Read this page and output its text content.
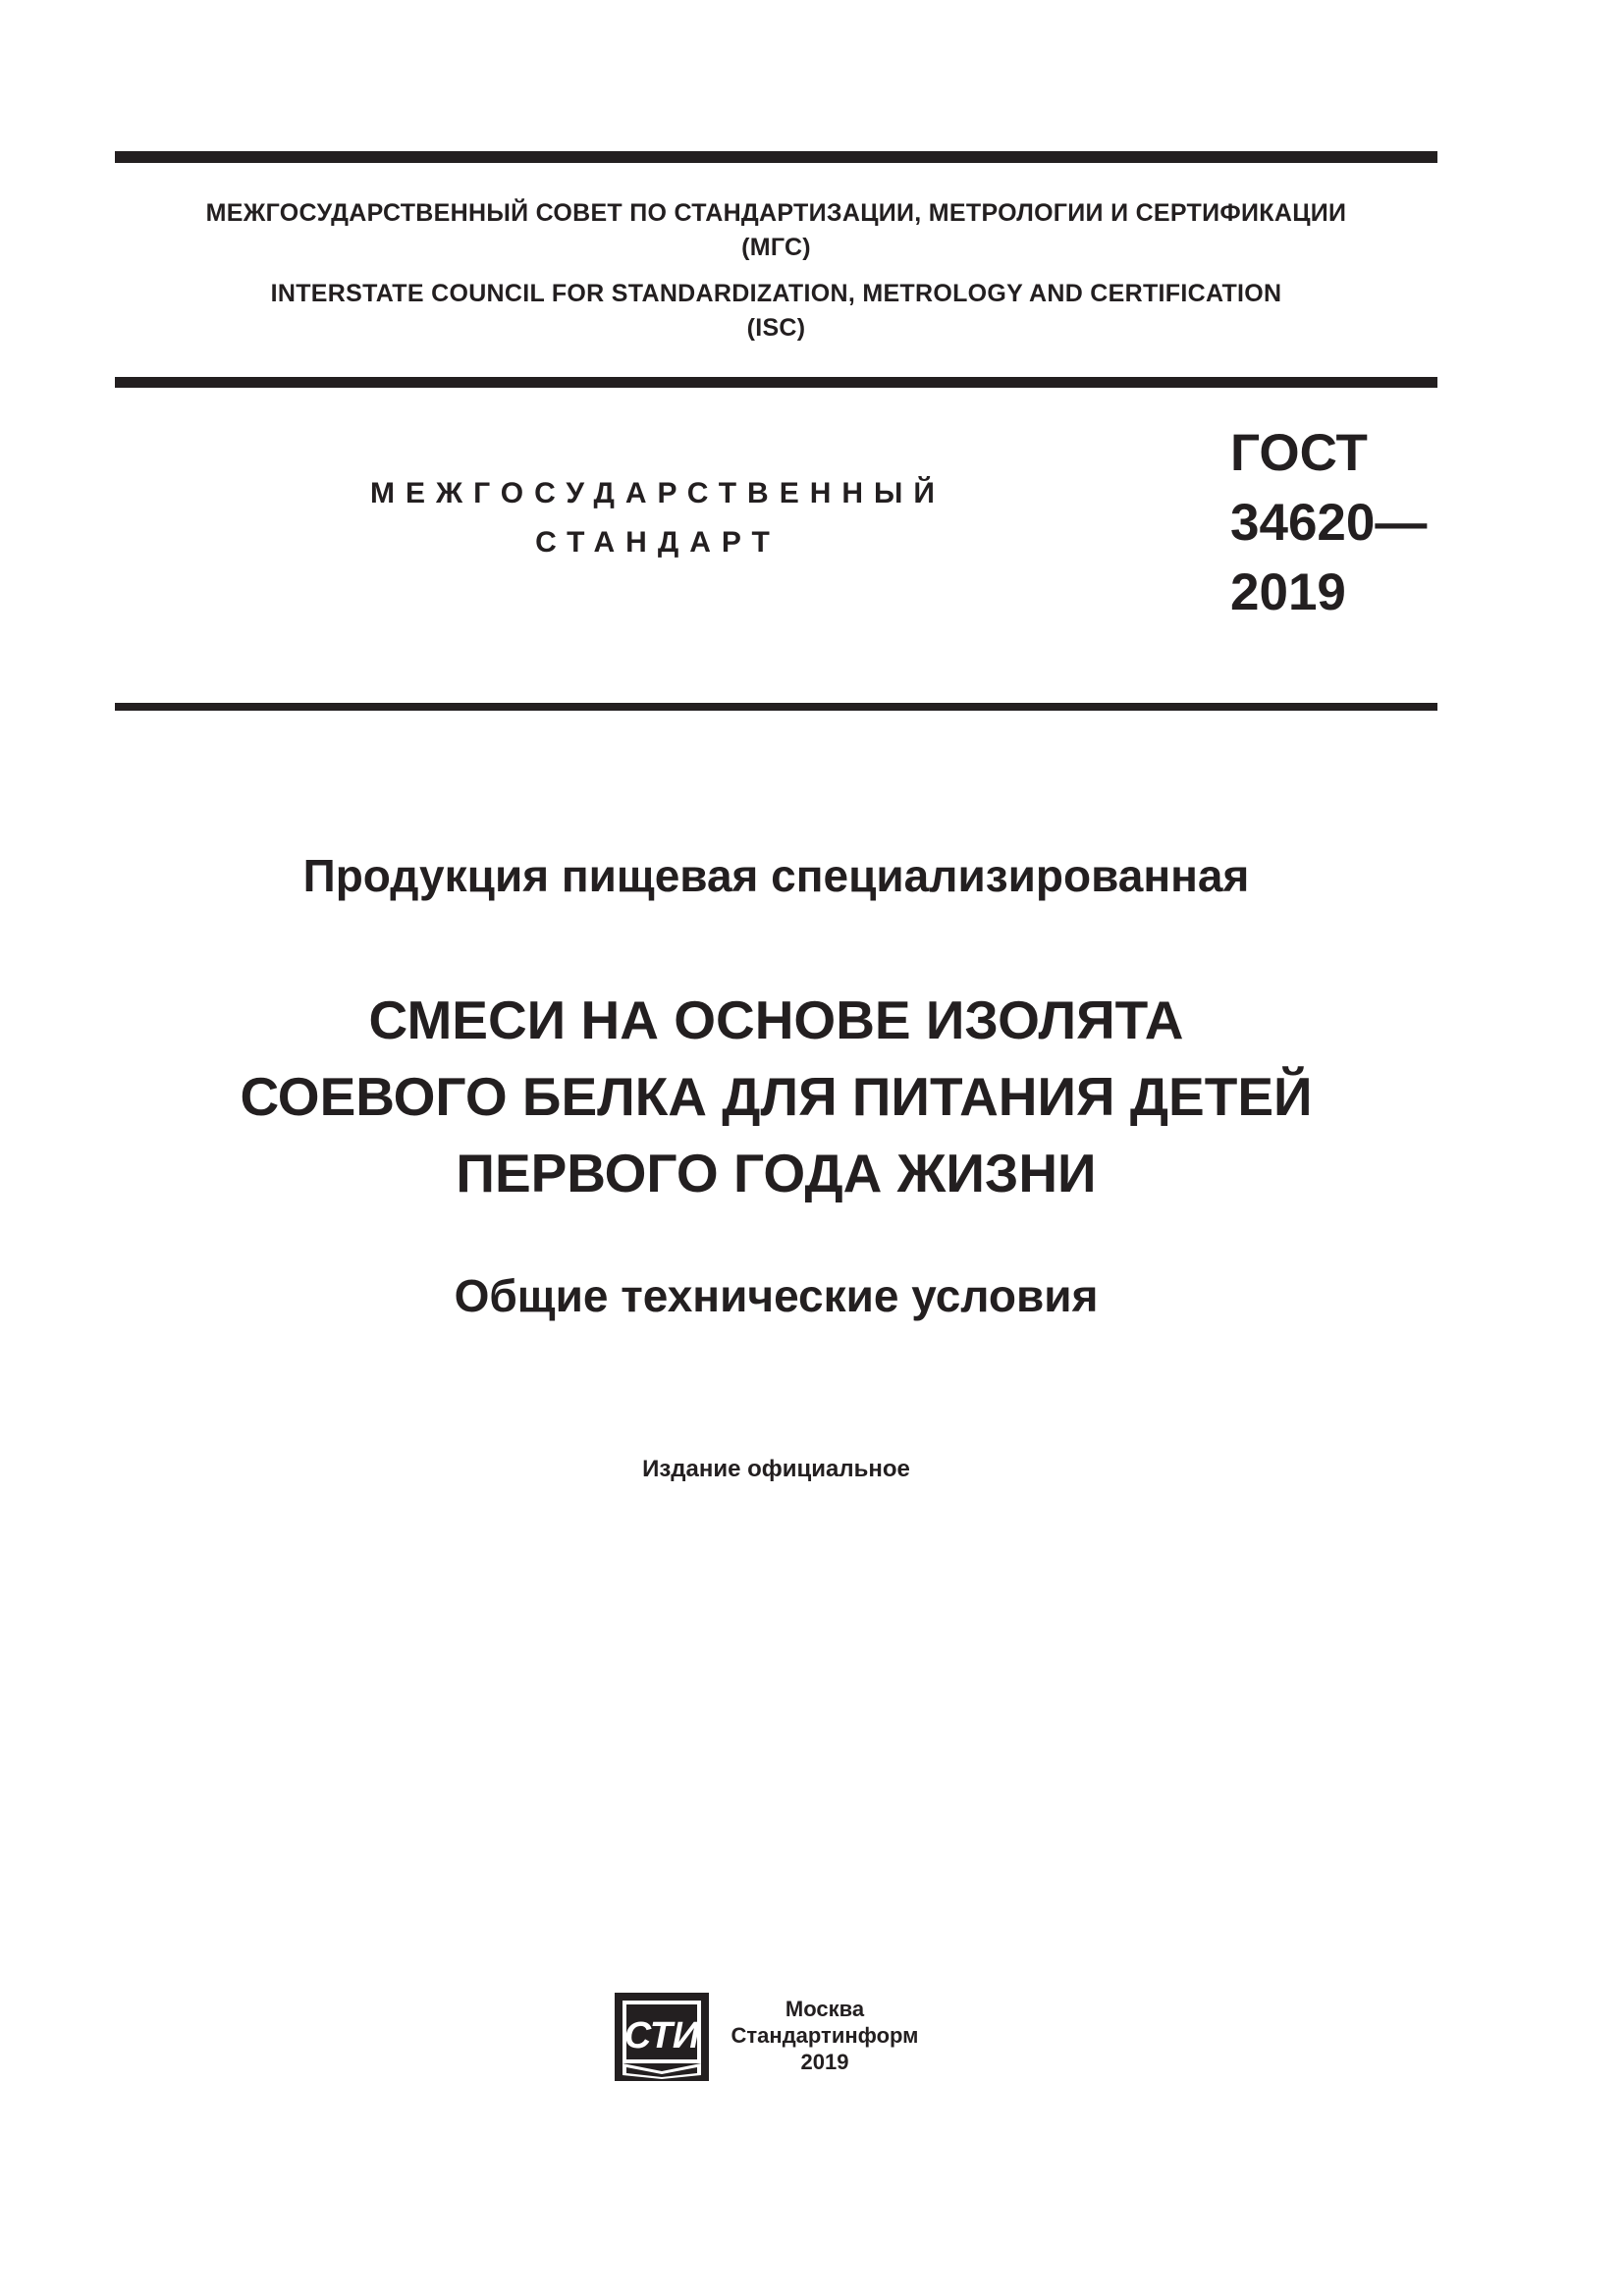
МЕЖГОСУДАРСТВЕННЫЙ СОВЕТ ПО СТАНДАРТИЗАЦИИ, МЕТРОЛОГИИ И СЕРТИФИКАЦИИ
(МГС)
INTERSTATE COUNCIL FOR STANDARDIZATION, METROLOGY AND CERTIFICATION
(ISC)
МЕЖГОСУДАРСТВЕННЫЙ
СТАНДАРТ
ГОСТ
34620—
2019
Продукция пищевая специализированная
СМЕСИ НА ОСНОВЕ ИЗОЛЯТА
СОЕВОГО БЕЛКА ДЛЯ ПИТАНИЯ ДЕТЕЙ
ПЕРВОГО ГОДА ЖИЗНИ
Общие технические условия
Издание официальное
СТИ
Москва
Стандартинформ
2019
